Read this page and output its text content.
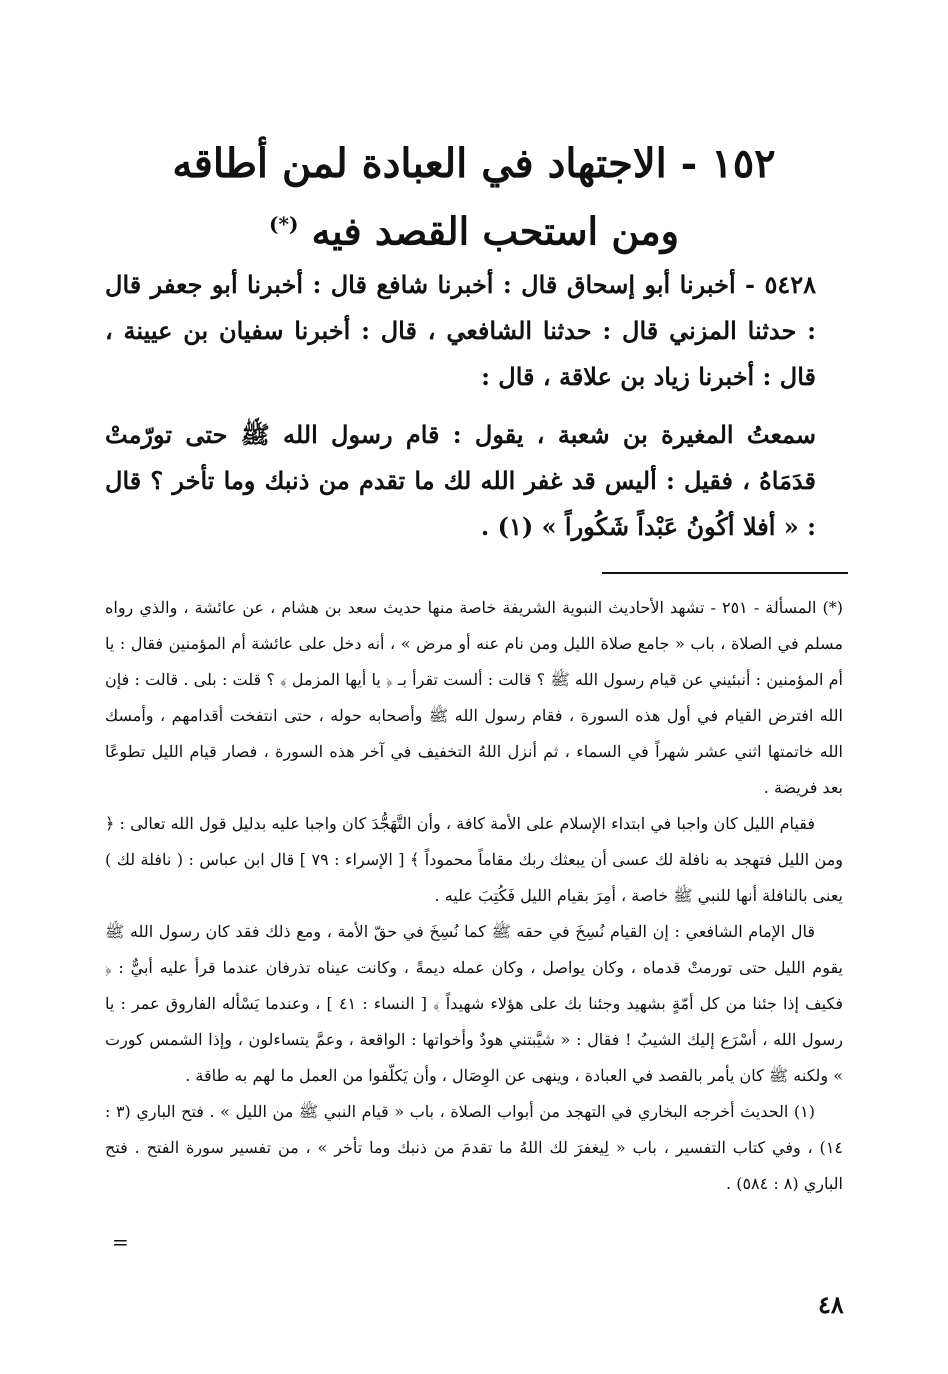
١٥٢ - الاجتهاد في العبادة لمن أطاقه
ومن استحب القصد فيه (*)

٥٤٢٨ - أخبرنا أبو إسحاق قال : أخبرنا شافع قال : أخبرنا أبو جعفر قال : حدثنا المزني قال : حدثنا الشافعي ، قال : أخبرنا سفيان بن عيينة ، قال : أخبرنا زياد بن علاقة ، قال :

سمعتُ المغيرة بن شعبة ، يقول : قام رسول الله ﷺ حتى تورّمتْ قدَمَاهُ ، فقيل : أليس قد غفر الله لك ما تقدم من ذنبك وما تأخر ؟ قال : « أفلا أكُونُ عَبْداً شَكُوراً » (١) .

(*) المسألة - ٢٥١ - تشهد الأحاديث النبوية الشريفة خاصة منها حديث سعد بن هشام ، عن عائشة ، والذي رواه مسلم في الصلاة ، باب « جامع صلاة الليل ومن نام عنه أو مرض » ، أنه دخل على عائشة أم المؤمنين فقال : يا أم المؤمنين : أنبئيني عن قيام رسول الله ﷺ ؟ قالت : ألست تقرأ بـ ﴿ يا أيها المزمل ﴾ ؟ قلت : بلى . قالت : فإن الله افترض القيام في أول هذه السورة ، فقام رسول الله ﷺ وأصحابه حوله ، حتى انتفخت أقدامهم ، وأمسك الله خاتمتها اثني عشر شهراً في السماء ، ثم أنزل اللهُ التخفيف في آخر هذه السورة ، فصار قيام الليل تطوعًا بعد فريضة .

فقيام الليل كان واجبا في ابتداء الإسلام على الأمة كافة ، وأن التَّهَجُّدَ كان واجبا عليه بدليل قول الله تعالى : ﴿ ومن الليل فتهجد به نافلة لك عسى أن يبعثك ربك مقاماً محموداً ﴾ [ الإسراء : ٧٩ ] قال ابن عباس : ( نافلة لك ) يعنى بالنافلة أنها للنبي ﷺ خاصة ، أمِرَ بقيام الليل فَكُتِبَ عليه .

قال الإمام الشافعي : إن القيام نُسِخَ في حقه ﷺ كما نُسِخَ في حقّ الأمة ، ومع ذلك فقد كان رسول الله ﷺ يقوم الليل حتى تورمتْ قدماه ، وكان يواصل ، وكان عمله ديمةً ، وكانت عيناه تذرفان عندما قرأ عليه أبيٌّ : ﴿ فكيف إذا جئنا من كل أمّةٍ بشهيد وجئنا بك على هؤلاء شهيداً ﴾ [ النساء : ٤١ ] ، وعندما يَسْأله الفاروق عمر : يا رسول الله ، أسْرَع إليك الشيبُ ! فقال : « شيَّبتني هودٌ وأخواتها : الواقعة ، وعمَّ يتساءلون ، وإذا الشمس كورت » ولكنه ﷺ كان يأمر بالقصد في العبادة ، وينهى عن الوِصَال ، وأن يَكلّفوا من العمل ما لهم به طاقة .

(١) الحديث أخرجه البخاري في التهجد من أبواب الصلاة ، باب « قيام النبي ﷺ من الليل » . فتح الباري (٣ : ١٤) ، وفي كتاب التفسير ، باب « لِيغفرَ لك اللهُ ما تقدمَ من ذنبك وما تأخر » ، من تفسير سورة الفتح . فتح الباري (٨ : ٥٨٤) .

=
٤٨
